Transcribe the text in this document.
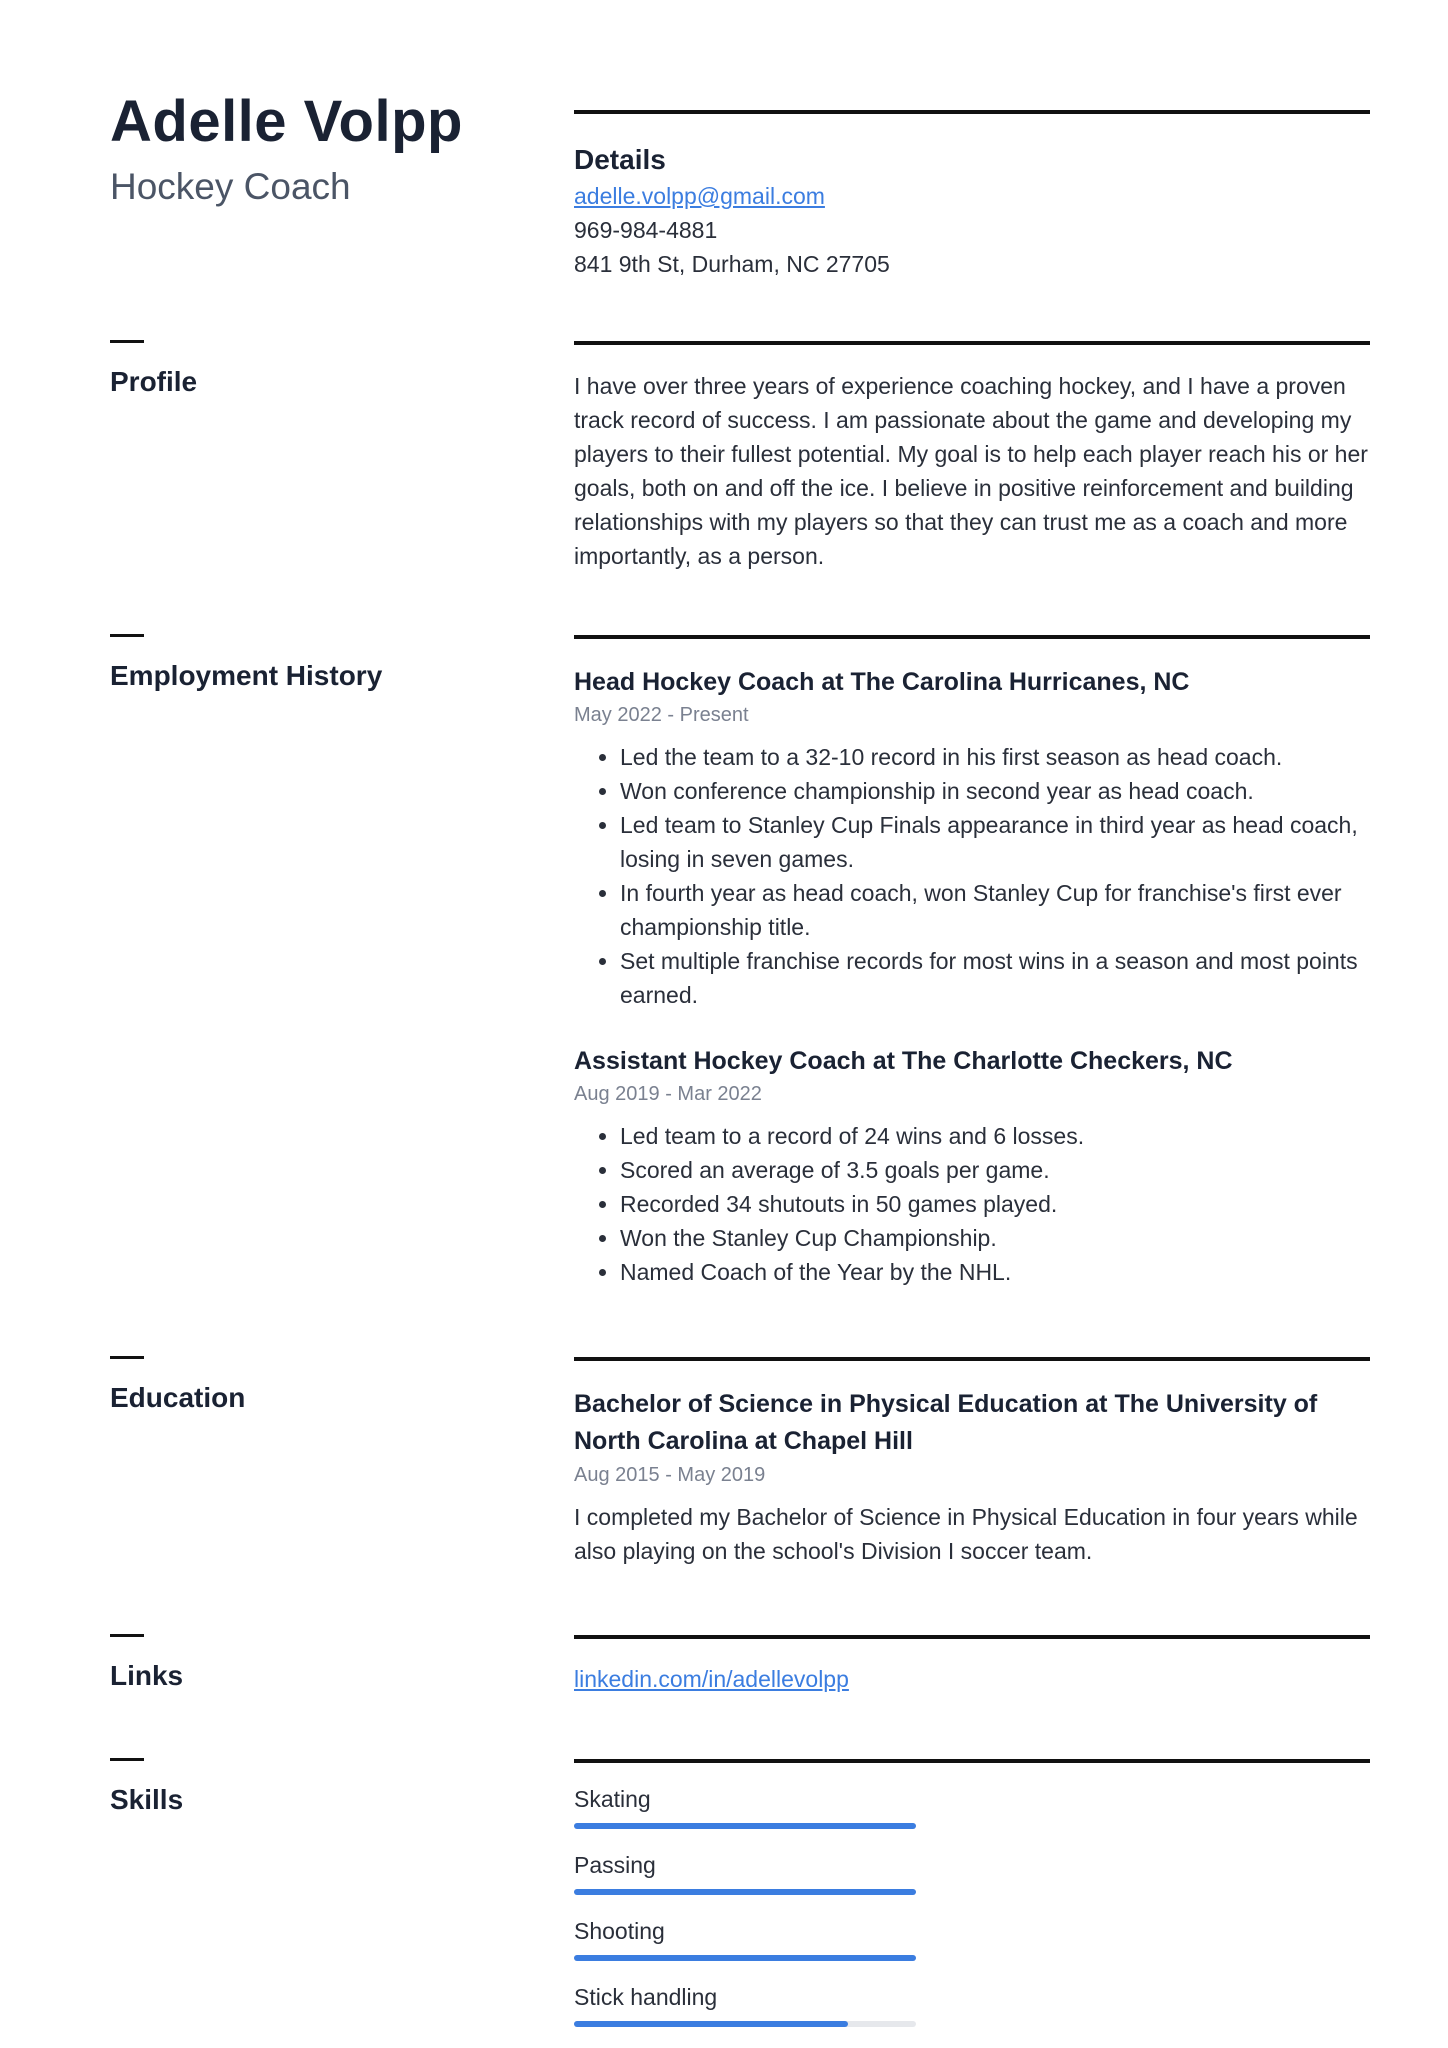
Adelle Volpp
Hockey Coach
Details
adelle.volpp@gmail.com
969-984-4881
841 9th St, Durham, NC 27705
Profile	I have over three years of experience coaching hockey, and I have a proven track record of success. I am passionate about the game and developing my players to their fullest potential. My goal is to help each player reach his or her goals, both on and off the ice. I believe in positive reinforcement and building relationships with my players so that they can trust me as a coach and more importantly, as a person.
Employment History	Head Hockey Coach at The Carolina Hurricanes, NC
May 2022 - Present
• Led the team to a 32-10 record in his first season as head coach.
• Won conference championship in second year as head coach.
• Led team to Stanley Cup Finals appearance in third year as head coach, losing in seven games.
• In fourth year as head coach, won Stanley Cup for franchise's first ever championship title.
• Set multiple franchise records for most wins in a season and most points earned.
Assistant Hockey Coach at The Charlotte Checkers, NC
Aug 2019 - Mar 2022
• Led team to a record of 24 wins and 6 losses.
• Scored an average of 3.5 goals per game.
• Recorded 34 shutouts in 50 games played.
• Won the Stanley Cup Championship.
• Named Coach of the Year by the NHL.
Education	Bachelor of Science in Physical Education at The University of North Carolina at Chapel Hill
Aug 2015 - May 2019
I completed my Bachelor of Science in Physical Education in four years while also playing on the school's Division I soccer team.
Links	linkedin.com/in/adellevolpp
Skills	Skating
Passing
Shooting
Stick handling
